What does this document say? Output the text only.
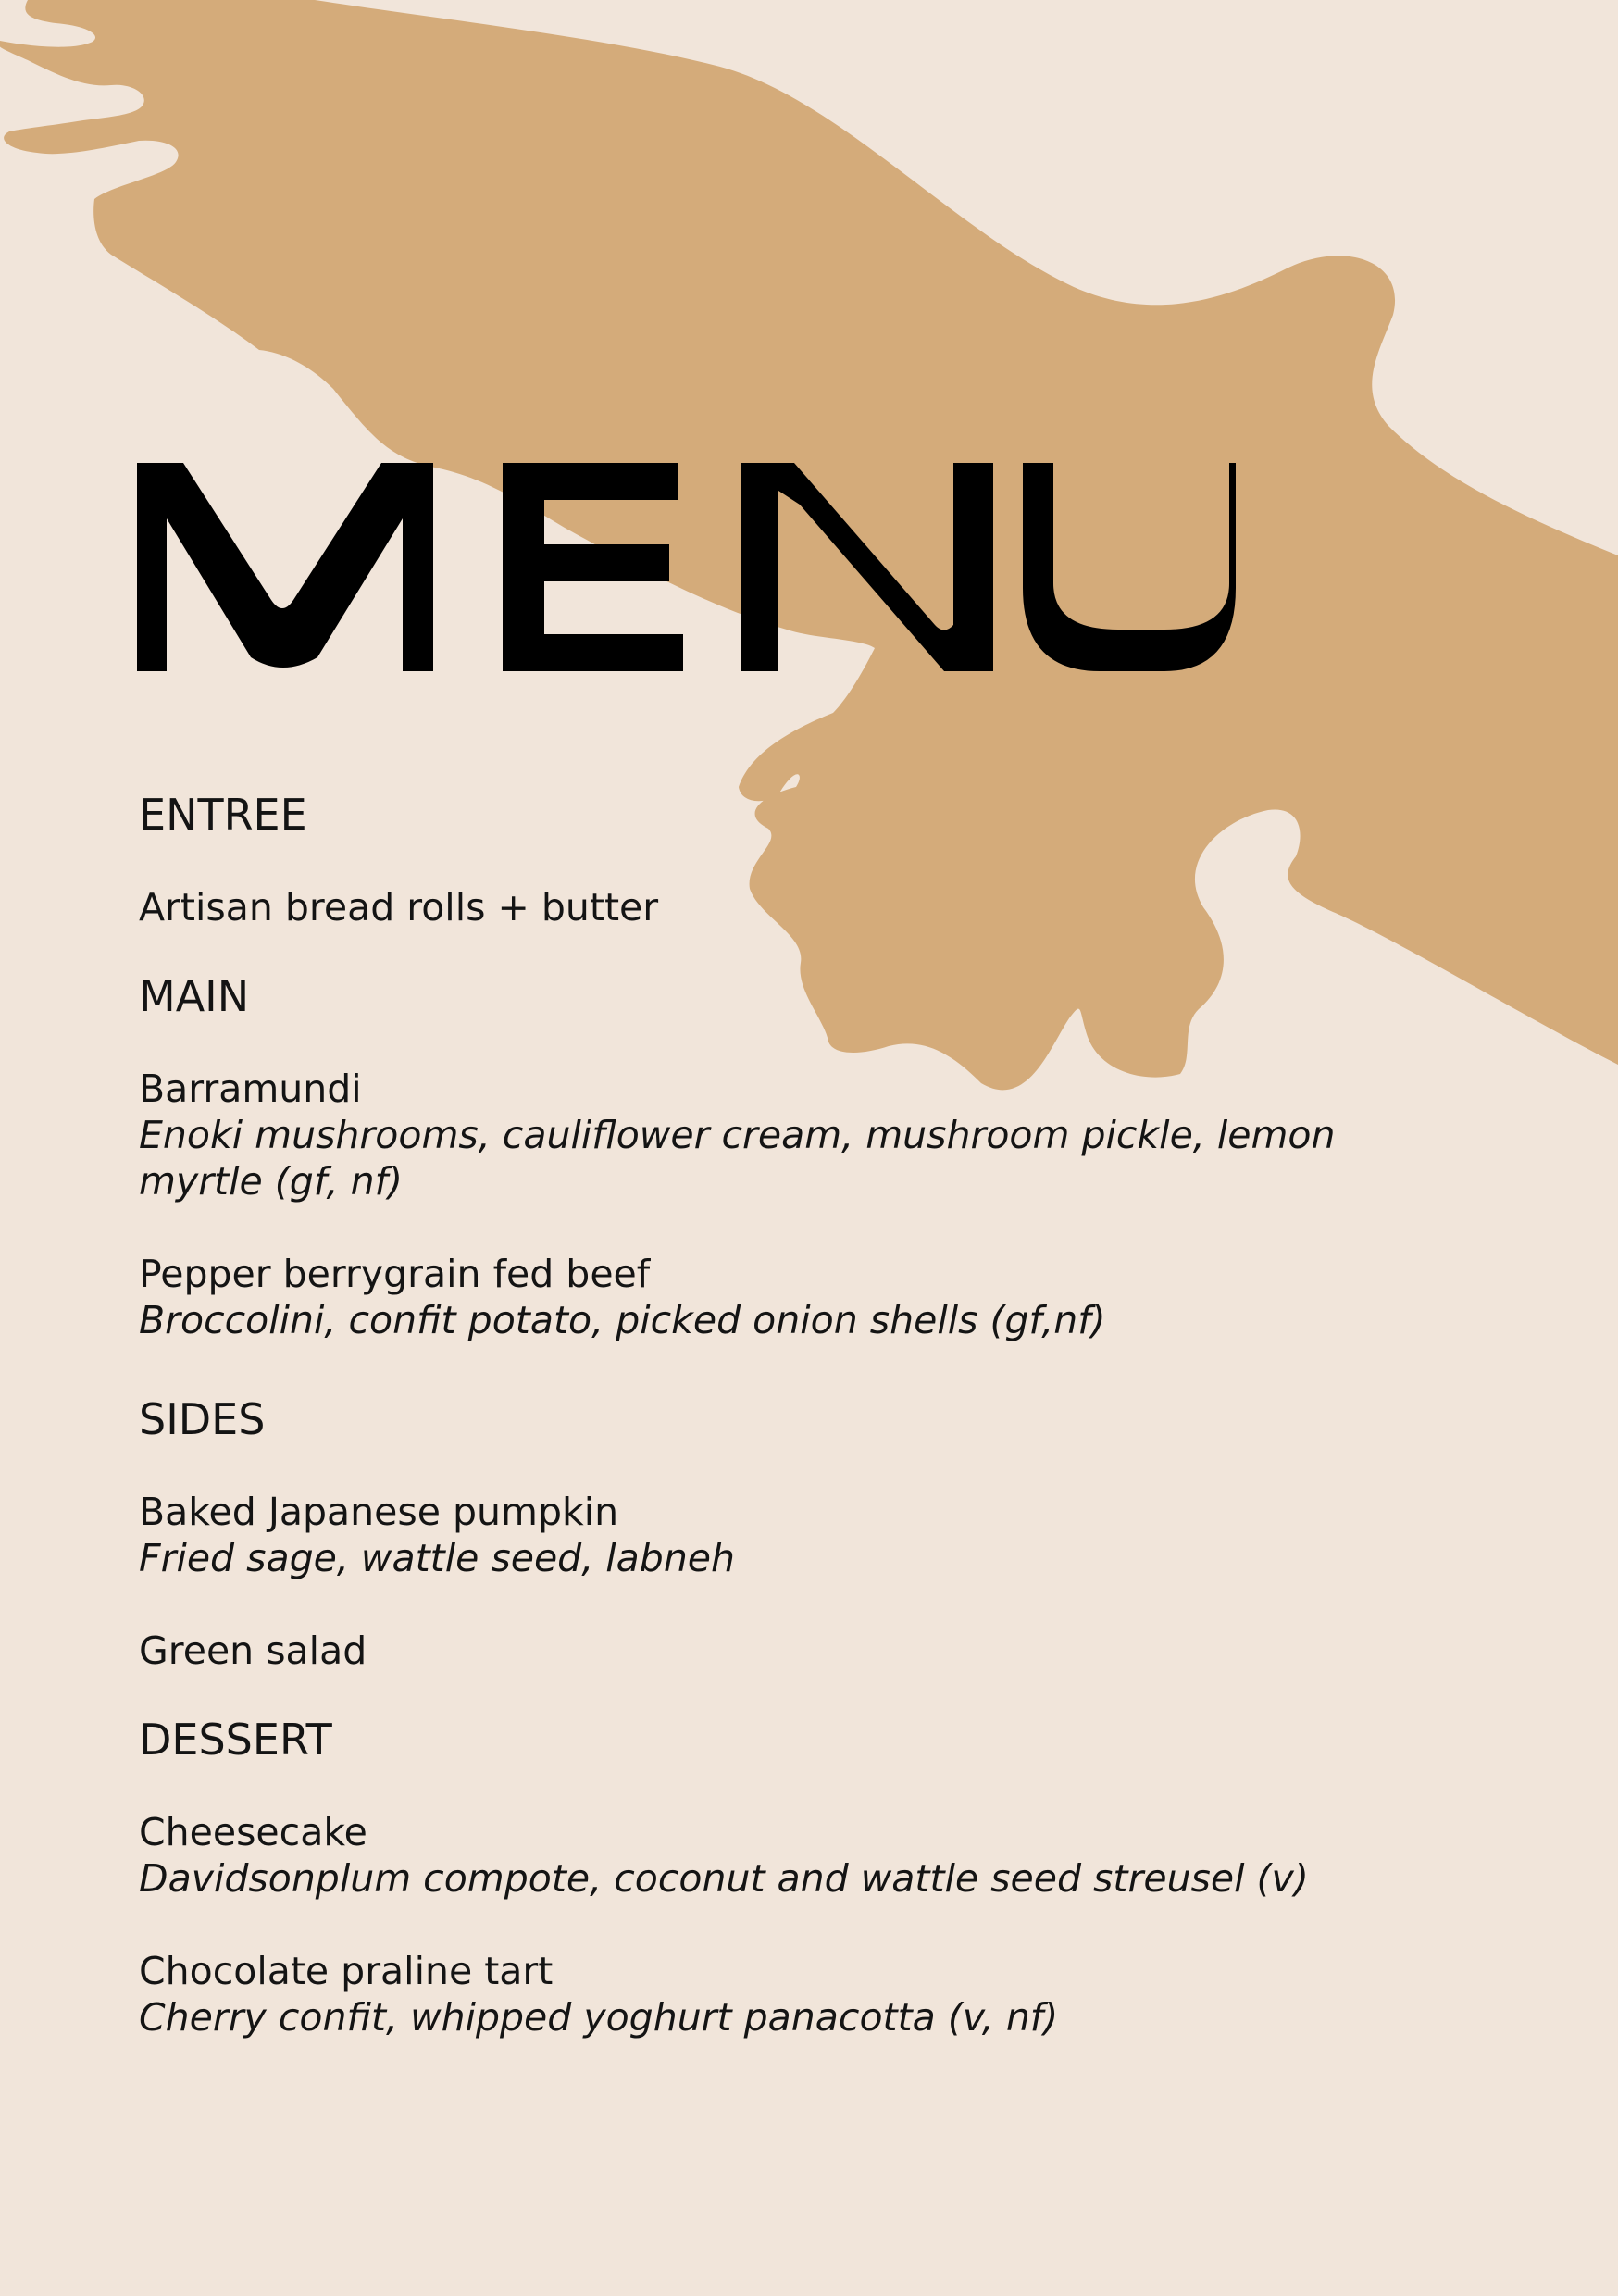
ENTREE

Artisan bread rolls + butter

MAIN

Barramundi

Enoki mushrooms, cauliflower cream, mushroom pickle, lemon myrtle (gf, nf)

Pepper berrygrain fed beef

Broccolini, confit potato, picked onion shells (gf,nf)

SIDES

Baked Japanese pumpkin

Fried sage, wattle seed, labneh

Green salad

DESSERT

Cheesecake

Davidsonplum compote, coconut and wattle seed streusel (v)

Chocolate praline tart

Cherry confit, whipped yoghurt panacotta (v, nf)
